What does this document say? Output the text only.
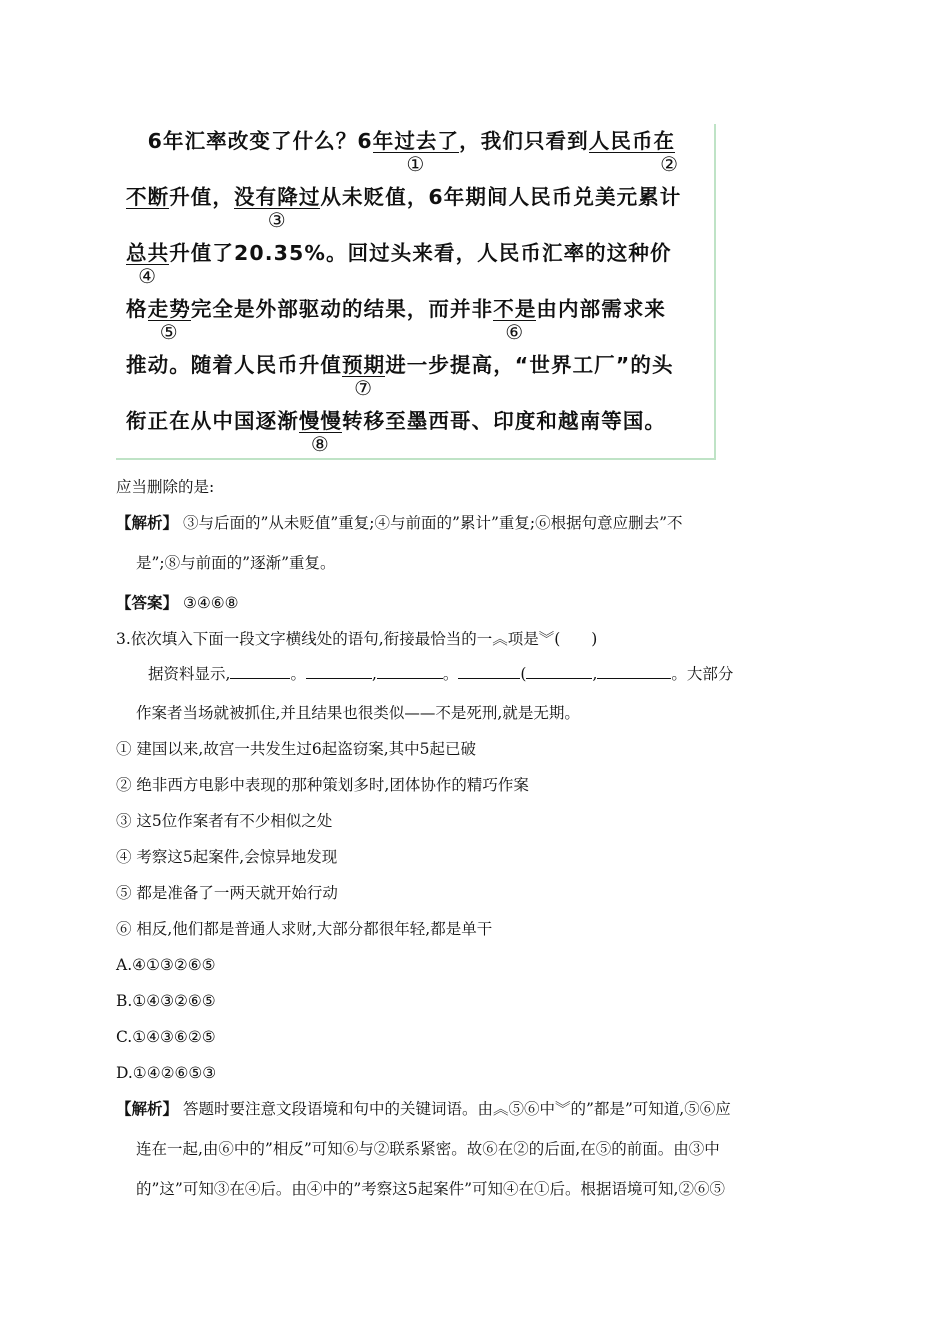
　6年汇率改变了什么？6年过去了
①
，我们只看到人民币在
②
不断升值，没有降过
③
从未贬值，6年期间人民币兑美元累计
总共
④
升值了20.35%。回过头来看，人民币汇率的这种价
格走势
⑤
完全是外部驱动的结果，而并非不是
⑥
由内部需求来
推动。随着人民币升值预期
⑦
进一步提高，“世界工厂”的头
衔正在从中国逐渐慢慢
⑧
转移至墨西哥、印度和越南等国。
应当删除的是:
【解析】 ③与后面的”从未贬值”重复;④与前面的”累计”重复;⑥根据句意应删去”不
是”;⑧与前面的”逐渐”重复。
【答案】 ③④⑥⑧
3.依次填入下面一段文字横线处的语句,衔接最恰当的一︽项是︾(　　)
据资料显示,	。	,	。	(	,	。大部分
作案者当场就被抓住,并且结果也很类似——不是死刑,就是无期。
① 建国以来,故宫一共发生过6起盗窃案,其中5起已破
② 绝非西方电影中表现的那种策划多时,团体协作的精巧作案
③ 这5位作案者有不少相似之处
④ 考察这5起案件,会惊异地发现
⑤ 都是准备了一两天就开始行动
⑥ 相反,他们都是普通人求财,大部分都很年轻,都是单干
A.④①③②⑥⑤
B.①④③②⑥⑤
C.①④③⑥②⑤
D.①④②⑥⑤③
【解析】 答题时要注意文段语境和句中的关键词语。由︽⑤⑥中︾的”都是”可知道,⑤⑥应
连在一起,由⑥中的”相反”可知⑥与②联系紧密。故⑥在②的后面,在⑤的前面。由③中
的”这”可知③在④后。由④中的”考察这5起案件”可知④在①后。根据语境可知,②⑥⑤
